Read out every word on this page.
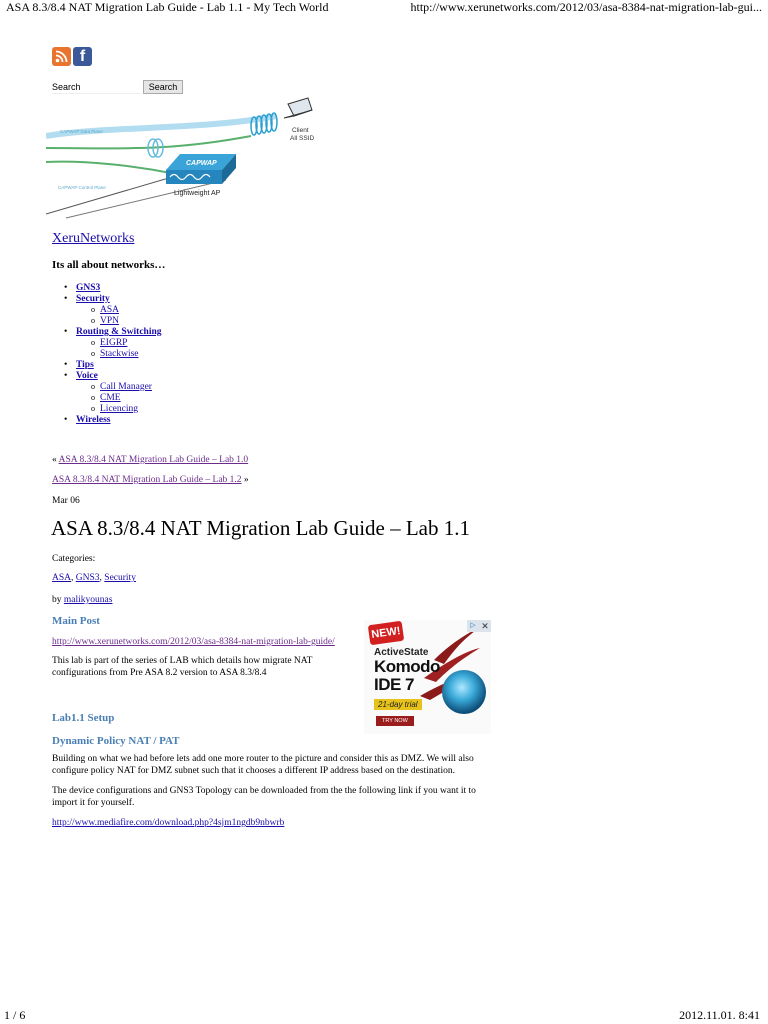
ASA 8.3/8.4 NAT Migration Lab Guide - Lab 1.1 - My Tech World	http://www.xerunetworks.com/2012/03/asa-8384-nat-migration-lab-gui...
f
Search
Search
Client
All SSID
CAPWAP Data Plane
CAPWAP Control Plane
CAPWAP
Lightweight AP
XeruNetworks
Its all about networks…
• GNS3
• Security
o ASA
o VPN
• Routing & Switching
o EIGRP
o Stackwise
• Tips
• Voice
o Call Manager
o CME
o Licencing
• Wireless
« ASA 8.3/8.4 NAT Migration Lab Guide – Lab 1.0
ASA 8.3/8.4 NAT Migration Lab Guide – Lab 1.2 »
Mar 06
ASA 8.3/8.4 NAT Migration Lab Guide – Lab 1.1
Categories:
ASA, GNS3, Security
by malikyounas
Main Post
http://www.xerunetworks.com/2012/03/asa-8384-nat-migration-lab-guide/
This lab is part of the series of LAB which details how migrate NAT configurations from Pre ASA 8.2 version to ASA 8.3/8.4
NEW!
ActiveState
Komodo
IDE 7
21-day trial
TRY NOW
▷ ✕
Lab1.1 Setup
Dynamic Policy NAT / PAT
Building on what we had before lets add one more router to the picture and consider this as DMZ. We will also configure policy NAT for DMZ subnet such that it chooses a different IP address based on the destination.
The device configurations and GNS3 Topology can be downloaded from the the following link if you want it to import it for yourself.
http://www.mediafire.com/download.php?4sjm1ngdb9nbwrb
1 / 6	2012.11.01. 8:41
